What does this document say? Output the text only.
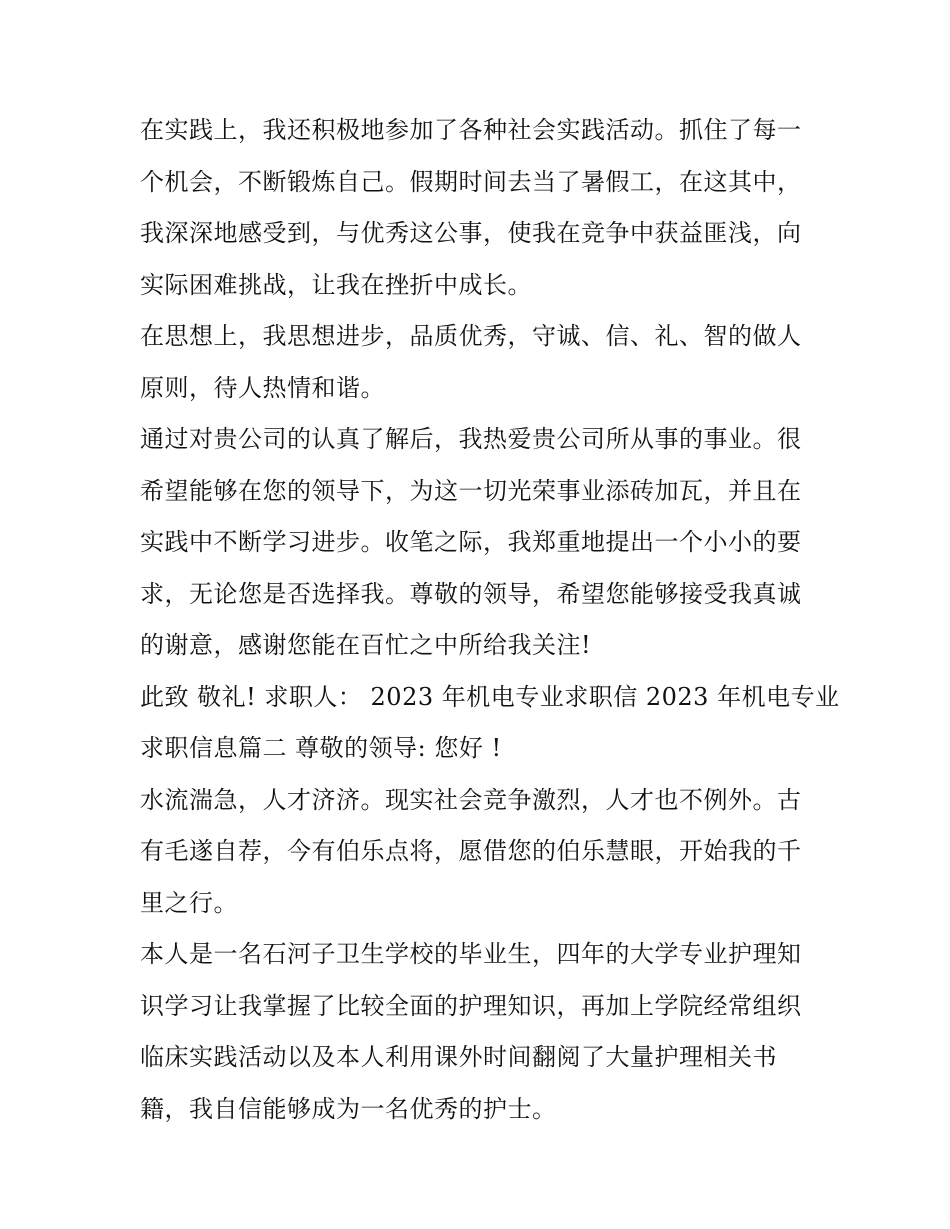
在实践上，我还积极地参加了各种社会实践活动。抓住了每一
个机会，不断锻炼自己。假期时间去当了暑假工，在这其中，
我深深地感受到，与优秀这公事，使我在竞争中获益匪浅，向
实际困难挑战，让我在挫折中成长。

在思想上，我思想进步，品质优秀，守诚、信、礼、智的做人
原则，待人热情和谐。

通过对贵公司的认真了解后，我热爱贵公司所从事的事业。很
希望能够在您的领导下，为这一切光荣事业添砖加瓦，并且在
实践中不断学习进步。收笔之际，我郑重地提出一个小小的要
求，无论您是否选择我。尊敬的领导，希望您能够接受我真诚
的谢意，感谢您能在百忙之中所给我关注!

此致 敬礼! 求职人： 2023 年机电专业求职信 2023 年机电专业
求职信息篇二 尊敬的领导: 您好 !

水流湍急，人才济济。现实社会竞争激烈，人才也不例外。古
有毛遂自荐，今有伯乐点将，愿借您的伯乐慧眼，开始我的千
里之行。

本人是一名石河子卫生学校的毕业生，四年的大学专业护理知
识学习让我掌握了比较全面的护理知识，再加上学院经常组织
临床实践活动以及本人利用课外时间翻阅了大量护理相关书
籍，我自信能够成为一名优秀的护士。
